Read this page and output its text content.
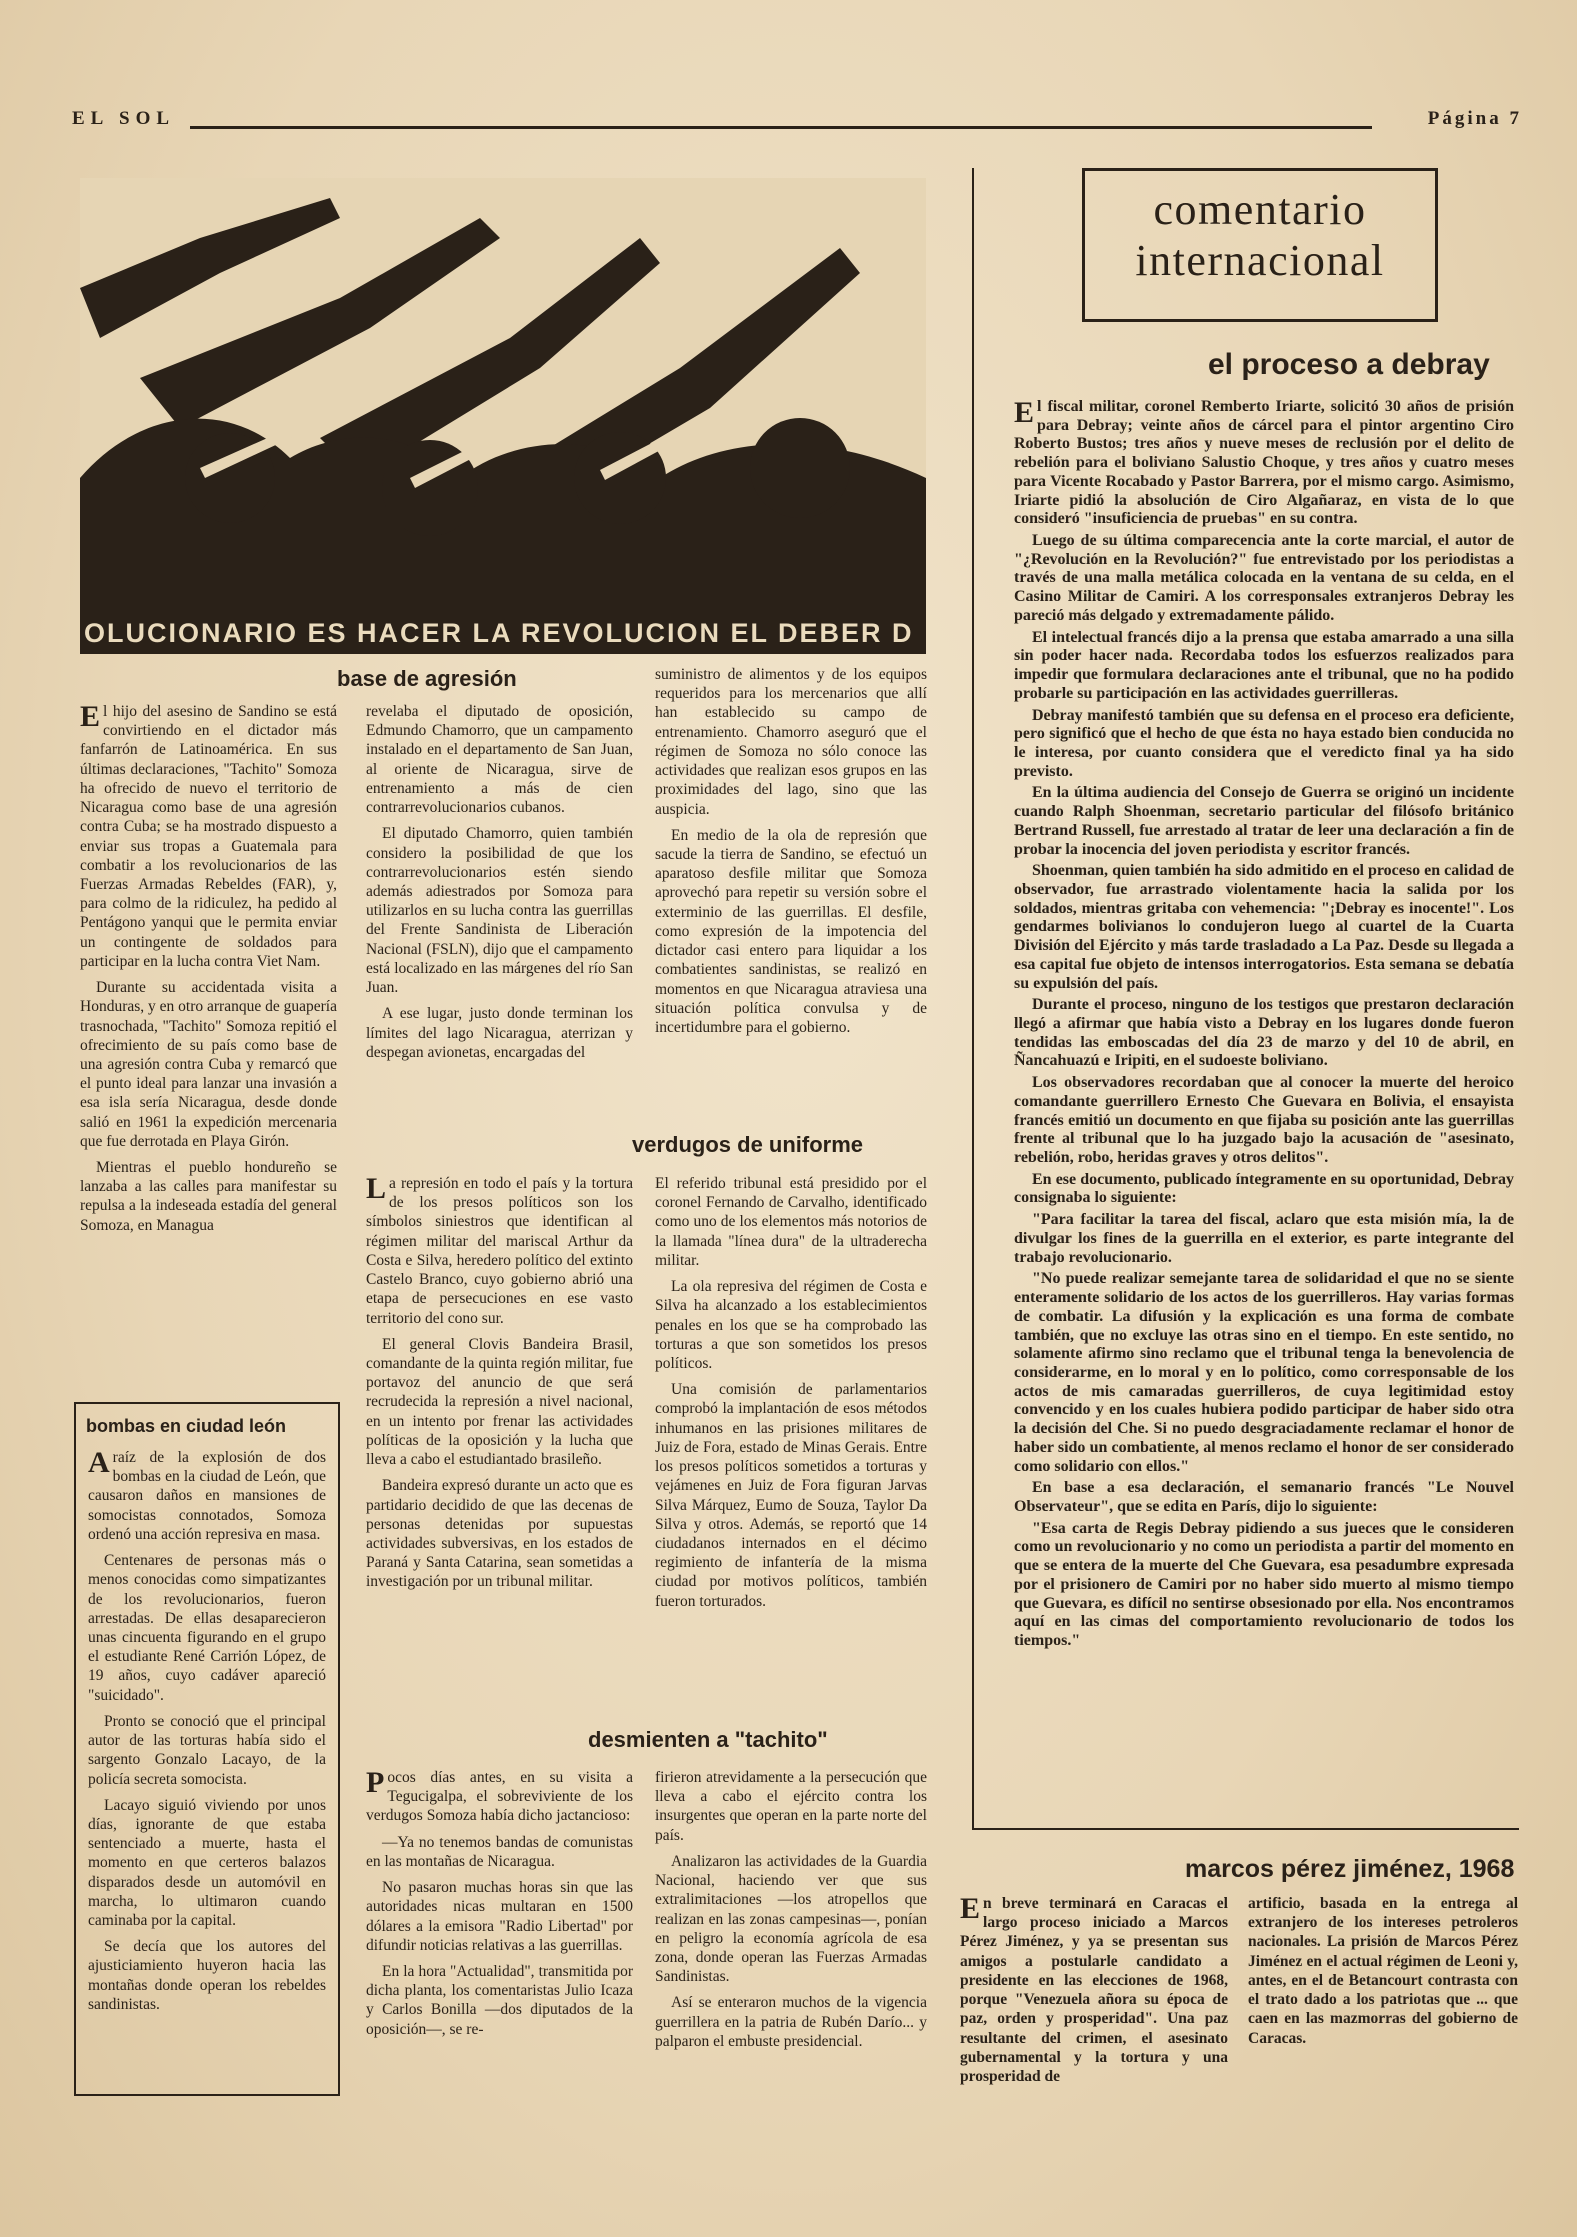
EL SOL	Página 7
OLUCIONARIO ES HACER LA REVOLUCION EL DEBER D
base de agresión

El hijo del asesino de Sandino se está convirtiendo en el dictador más fanfarrón de Latinoamérica. En sus últimas declaraciones, "Tachito" Somoza ha ofrecido de nuevo el territorio de Nicaragua como base de una agresión contra Cuba; se ha mostrado dispuesto a enviar sus tropas a Guatemala para combatir a los revolucionarios de las Fuerzas Armadas Rebeldes (FAR), y, para colmo de la ridiculez, ha pedido al Pentágono yanqui que le permita enviar un contingente de soldados para participar en la lucha contra Viet Nam.

Durante su accidentada visita a Honduras, y en otro arranque de guapería trasnochada, "Tachito" Somoza repitió el ofrecimiento de su país como base de una agresión contra Cuba y remarcó que el punto ideal para lanzar una invasión a esa isla sería Nicaragua, desde donde salió en 1961 la expedición mercenaria que fue derrotada en Playa Girón.

Mientras el pueblo hondureño se lanzaba a las calles para manifestar su repulsa a la indeseada estadía del general Somoza, en Managua

revelaba el diputado de oposición, Edmundo Chamorro, que un campamento instalado en el departamento de San Juan, al oriente de Nicaragua, sirve de entrenamiento a más de cien contrarrevolucionarios cubanos.

El diputado Chamorro, quien también considero la posibilidad de que los contrarrevolucionarios estén siendo además adiestrados por Somoza para utilizarlos en su lucha contra las guerrillas del Frente Sandinista de Liberación Nacional (FSLN), dijo que el campamento está localizado en las márgenes del río San Juan.

A ese lugar, justo donde terminan los límites del lago Nicaragua, aterrizan y despegan avionetas, encargadas del

suministro de alimentos y de los equipos requeridos para los mercenarios que allí han establecido su campo de entrenamiento. Chamorro aseguró que el régimen de Somoza no sólo conoce las actividades que realizan esos grupos en las proximidades del lago, sino que las auspicia.

En medio de la ola de represión que sacude la tierra de Sandino, se efectuó un aparatoso desfile militar que Somoza aprovechó para repetir su versión sobre el exterminio de las guerrillas. El desfile, como expresión de la impotencia del dictador casi entero para liquidar a los combatientes sandinistas, se realizó en momentos en que Nicaragua atraviesa una situación política convulsa y de incertidumbre para el gobierno.

verdugos de uniforme

La represión en todo el país y la tortura de los presos políticos son los símbolos siniestros que identifican al régimen militar del mariscal Arthur da Costa e Silva, heredero político del extinto Castelo Branco, cuyo gobierno abrió una etapa de persecuciones en ese vasto territorio del cono sur.

El general Clovis Bandeira Brasil, comandante de la quinta región militar, fue portavoz del anuncio de que será recrudecida la represión a nivel nacional, en un intento por frenar las actividades políticas de la oposición y la lucha que lleva a cabo el estudiantado brasileño.

Bandeira expresó durante un acto que es partidario decidido de que las decenas de personas detenidas por supuestas actividades subversivas, en los estados de Paraná y Santa Catarina, sean sometidas a investigación por un tribunal militar.

El referido tribunal está presidido por el coronel Fernando de Carvalho, identificado como uno de los elementos más notorios de la llamada "línea dura" de la ultraderecha militar.

La ola represiva del régimen de Costa e Silva ha alcanzado a los establecimientos penales en los que se ha comprobado las torturas a que son sometidos los presos políticos.

Una comisión de parlamentarios comprobó la implantación de esos métodos inhumanos en las prisiones militares de Juiz de Fora, estado de Minas Gerais. Entre los presos políticos sometidos a torturas y vejámenes en Juiz de Fora figuran Jarvas Silva Márquez, Eumo de Souza, Taylor Da Silva y otros. Además, se reportó que 14 ciudadanos internados en el décimo regimiento de infantería de la misma ciudad por motivos políticos, también fueron torturados.

bombas en ciudad león

Araíz de la explosión de dos bombas en la ciudad de León, que causaron daños en mansiones de somocistas connotados, Somoza ordenó una acción represiva en masa.

Centenares de personas más o menos conocidas como simpatizantes de los revolucionarios, fueron arrestadas. De ellas desaparecieron unas cincuenta figurando en el grupo el estudiante René Carrión López, de 19 años, cuyo cadáver apareció "suicidado".

Pronto se conoció que el principal autor de las torturas había sido el sargento Gonzalo Lacayo, de la policía secreta somocista.

Lacayo siguió viviendo por unos días, ignorante de que estaba sentenciado a muerte, hasta el momento en que certeros balazos disparados desde un automóvil en marcha, lo ultimaron cuando caminaba por la capital.

Se decía que los autores del ajusticiamiento huyeron hacia las montañas donde operan los rebeldes sandinistas.

desmienten a "tachito"

Pocos días antes, en su visita a Tegucigalpa, el sobreviviente de los verdugos Somoza había dicho jactancioso:

—Ya no tenemos bandas de comunistas en las montañas de Nicaragua.

No pasaron muchas horas sin que las autoridades nicas multaran en 1500 dólares a la emisora "Radio Libertad" por difundir noticias relativas a las guerrillas.

En la hora "Actualidad", transmitida por dicha planta, los comentaristas Julio Icaza y Carlos Bonilla —dos diputados de la oposición—, se re-

firieron atrevidamente a la persecución que lleva a cabo el ejército contra los insurgentes que operan en la parte norte del país.

Analizaron las actividades de la Guardia Nacional, haciendo ver que sus extralimitaciones —los atropellos que realizan en las zonas campesinas—, ponían en peligro la economía agrícola de esa zona, donde operan las Fuerzas Armadas Sandinistas.

Así se enteraron muchos de la vigencia guerrillera en la patria de Rubén Darío... y palparon el embuste presidencial.

comentario
internacional
el proceso a debray

El fiscal militar, coronel Remberto Iriarte, solicitó 30 años de prisión para Debray; veinte años de cárcel para el pintor argentino Ciro Roberto Bustos; tres años y nueve meses de reclusión por el delito de rebelión para el boliviano Salustio Choque, y tres años y cuatro meses para Vicente Rocabado y Pastor Barrera, por el mismo cargo. Asimismo, Iriarte pidió la absolución de Ciro Algañaraz, en vista de lo que consideró "insuficiencia de pruebas" en su contra.

Luego de su última comparecencia ante la corte marcial, el autor de "¿Revolución en la Revolución?" fue entrevistado por los periodistas a través de una malla metálica colocada en la ventana de su celda, en el Casino Militar de Camiri. A los corresponsales extranjeros Debray les pareció más delgado y extremadamente pálido.

El intelectual francés dijo a la prensa que estaba amarrado a una silla sin poder hacer nada. Recordaba todos los esfuerzos realizados para impedir que formulara declaraciones ante el tribunal, que no ha podido probarle su participación en las actividades guerrilleras.

Debray manifestó también que su defensa en el proceso era deficiente, pero significó que el hecho de que ésta no haya estado bien conducida no le interesa, por cuanto considera que el veredicto final ya ha sido previsto.

En la última audiencia del Consejo de Guerra se originó un incidente cuando Ralph Shoenman, secretario particular del filósofo británico Bertrand Russell, fue arrestado al tratar de leer una declaración a fin de probar la inocencia del joven periodista y escritor francés.

Shoenman, quien también ha sido admitido en el proceso en calidad de observador, fue arrastrado violentamente hacia la salida por los soldados, mientras gritaba con vehemencia: "¡Debray es inocente!". Los gendarmes bolivianos lo condujeron luego al cuartel de la Cuarta División del Ejército y más tarde trasladado a La Paz. Desde su llegada a esa capital fue objeto de intensos interrogatorios. Esta semana se debatía su expulsión del país.

Durante el proceso, ninguno de los testigos que prestaron declaración llegó a afirmar que había visto a Debray en los lugares donde fueron tendidas las emboscadas del día 23 de marzo y del 10 de abril, en Ñancahuazú e Iripiti, en el sudoeste boliviano.

Los observadores recordaban que al conocer la muerte del heroico comandante guerrillero Ernesto Che Guevara en Bolivia, el ensayista francés emitió un documento en que fijaba su posición ante las guerrillas frente al tribunal que lo ha juzgado bajo la acusación de "asesinato, rebelión, robo, heridas graves y otros delitos".

En ese documento, publicado íntegramente en su oportunidad, Debray consignaba lo siguiente:

"Para facilitar la tarea del fiscal, aclaro que esta misión mía, la de divulgar los fines de la guerrilla en el exterior, es parte integrante del trabajo revolucionario.

"No puede realizar semejante tarea de solidaridad el que no se siente enteramente solidario de los actos de los guerrilleros. Hay varias formas de combatir. La difusión y la explicación es una forma de combate también, que no excluye las otras sino en el tiempo. En este sentido, no solamente afirmo sino reclamo que el tribunal tenga la benevolencia de considerarme, en lo moral y en lo político, como corresponsable de los actos de mis camaradas guerrilleros, de cuya legitimidad estoy convencido y en los cuales hubiera podido participar de haber sido otra la decisión del Che. Si no puedo desgraciadamente reclamar el honor de haber sido un combatiente, al menos reclamo el honor de ser considerado como solidario con ellos."

En base a esa declaración, el semanario francés "Le Nouvel Observateur", que se edita en París, dijo lo siguiente:

"Esa carta de Regis Debray pidiendo a sus jueces que le consideren como un revolucionario y no como un periodista a partir del momento en que se entera de la muerte del Che Guevara, esa pesadumbre expresada por el prisionero de Camiri por no haber sido muerto al mismo tiempo que Guevara, es difícil no sentirse obsesionado por ella. Nos encontramos aquí en las cimas del comportamiento revolucionario de todos los tiempos."

marcos pérez jiménez, 1968

En breve terminará en Caracas el largo proceso iniciado a Marcos Pérez Jiménez, y ya se presentan sus amigos a postularle candidato a presidente en las elecciones de 1968, porque "Venezuela añora su época de paz, orden y prosperidad". Una paz resultante del crimen, el asesinato gubernamental y la tortura y una prosperidad de

artificio, basada en la entrega al extranjero de los intereses petroleros nacionales. La prisión de Marcos Pérez Jiménez en el actual régimen de Leoni y, antes, en el de Betancourt contrasta con el trato dado a los patriotas que ... que caen en las mazmorras del gobierno de Caracas.
